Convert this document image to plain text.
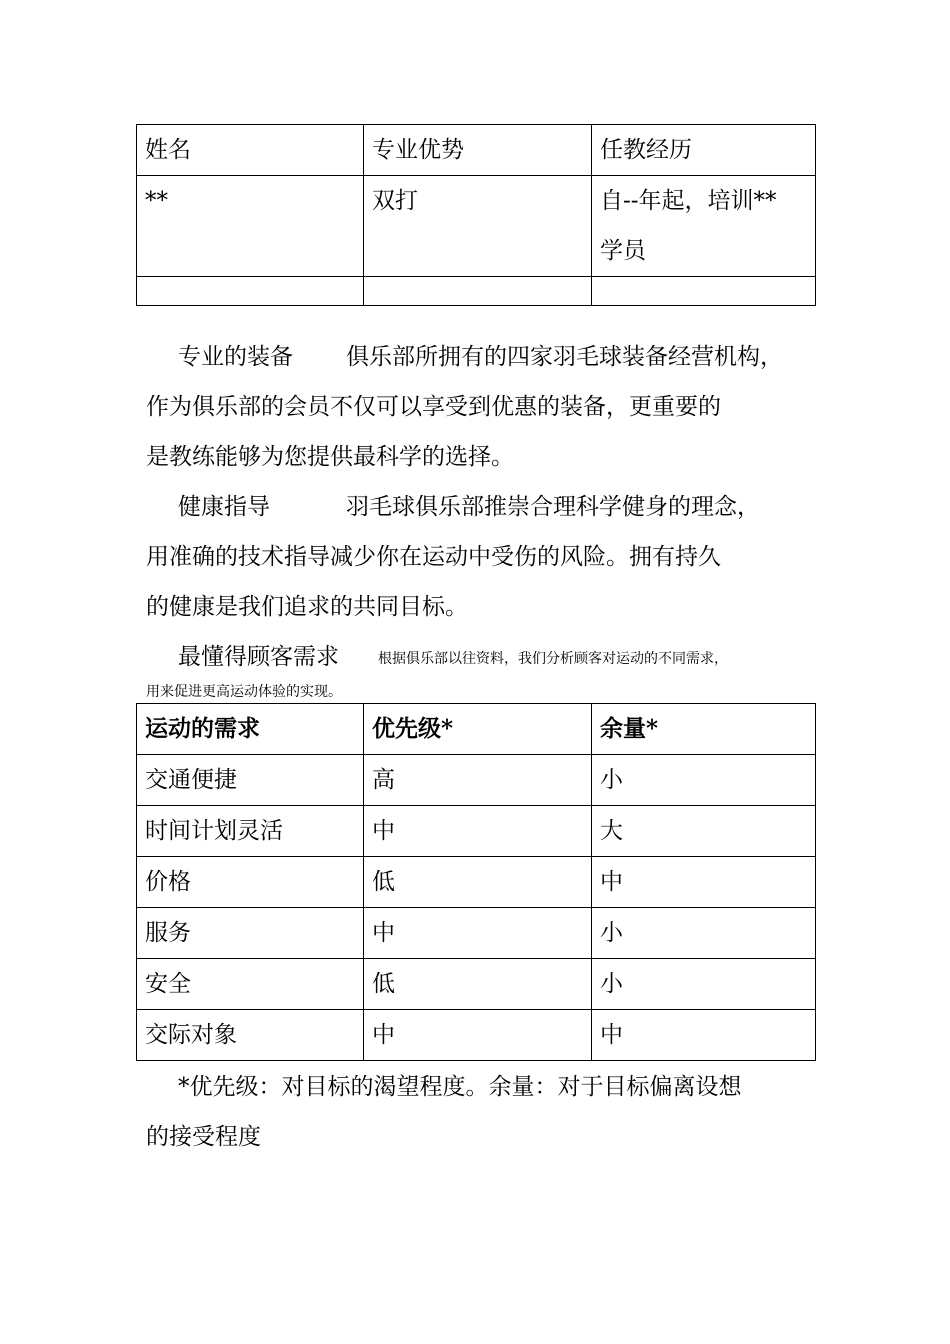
姓名	专业优势	任教经历
**	双打	自--年起，培训**
学员

专业的装备 俱乐部所拥有的四家羽毛球装备经营机构，
作为俱乐部的会员不仅可以享受到优惠的装备，更重要的
是教练能够为您提供最科学的选择。
健康指导	羽毛球俱乐部推崇合理科学健身的理念，
用准确的技术指导减少你在运动中受伤的风险。拥有持久
的健康是我们追求的共同目标。
最懂得顾客需求	根据俱乐部以往资料，我们分析顾客对运动的不同需求，
用来促进更高运动体验的实现。
运动的需求	优先级*	余量*
交通便捷	高	小
时间计划灵活	中	大
价格	低	中
服务	中	小
安全	低	小
交际对象	中	中
*优先级：对目标的渴望程度。余量：对于目标偏离设想
的接受程度
